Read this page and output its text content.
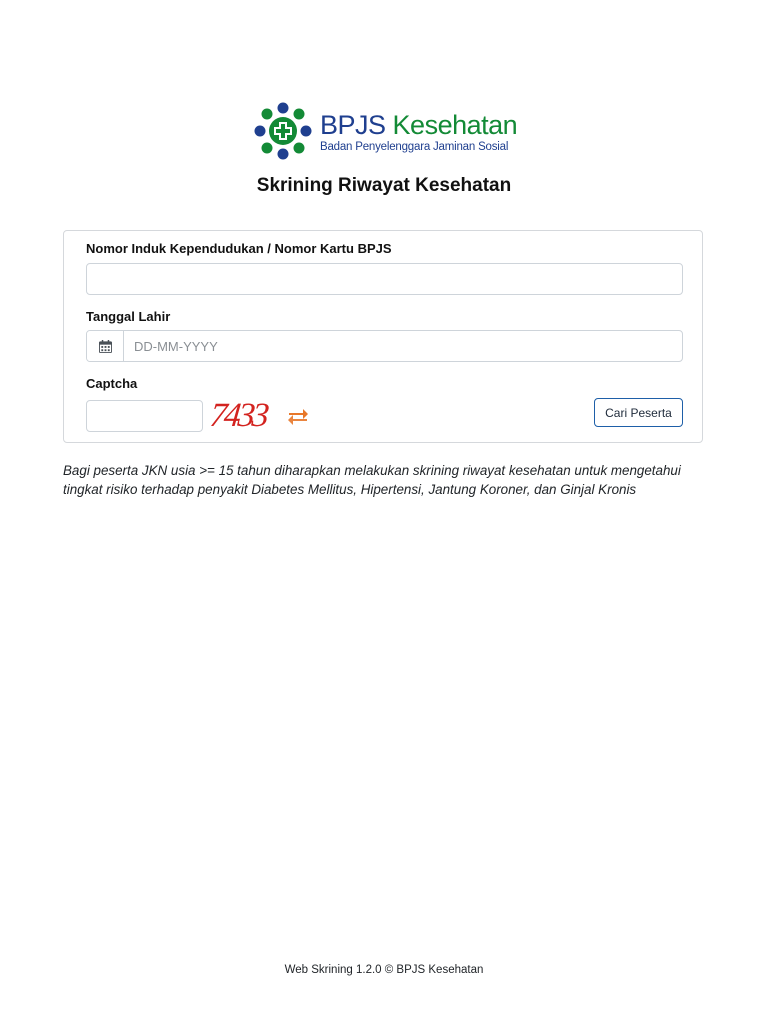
BPJS Kesehatan
Badan Penyelenggara Jaminan Sosial
Skrining Riwayat Kesehatan
Nomor Induk Kependudukan / Nomor Kartu BPJS
Tanggal Lahir
DD-MM-YYYY
Captcha
7433	Cari Peserta

Bagi peserta JKN usia >= 15 tahun diharapkan melakukan skrining riwayat kesehatan untuk mengetahui tingkat risiko terhadap penyakit Diabetes Mellitus, Hipertensi, Jantung Koroner, dan Ginjal Kronis

Web Skrining 1.2.0 © BPJS Kesehatan
